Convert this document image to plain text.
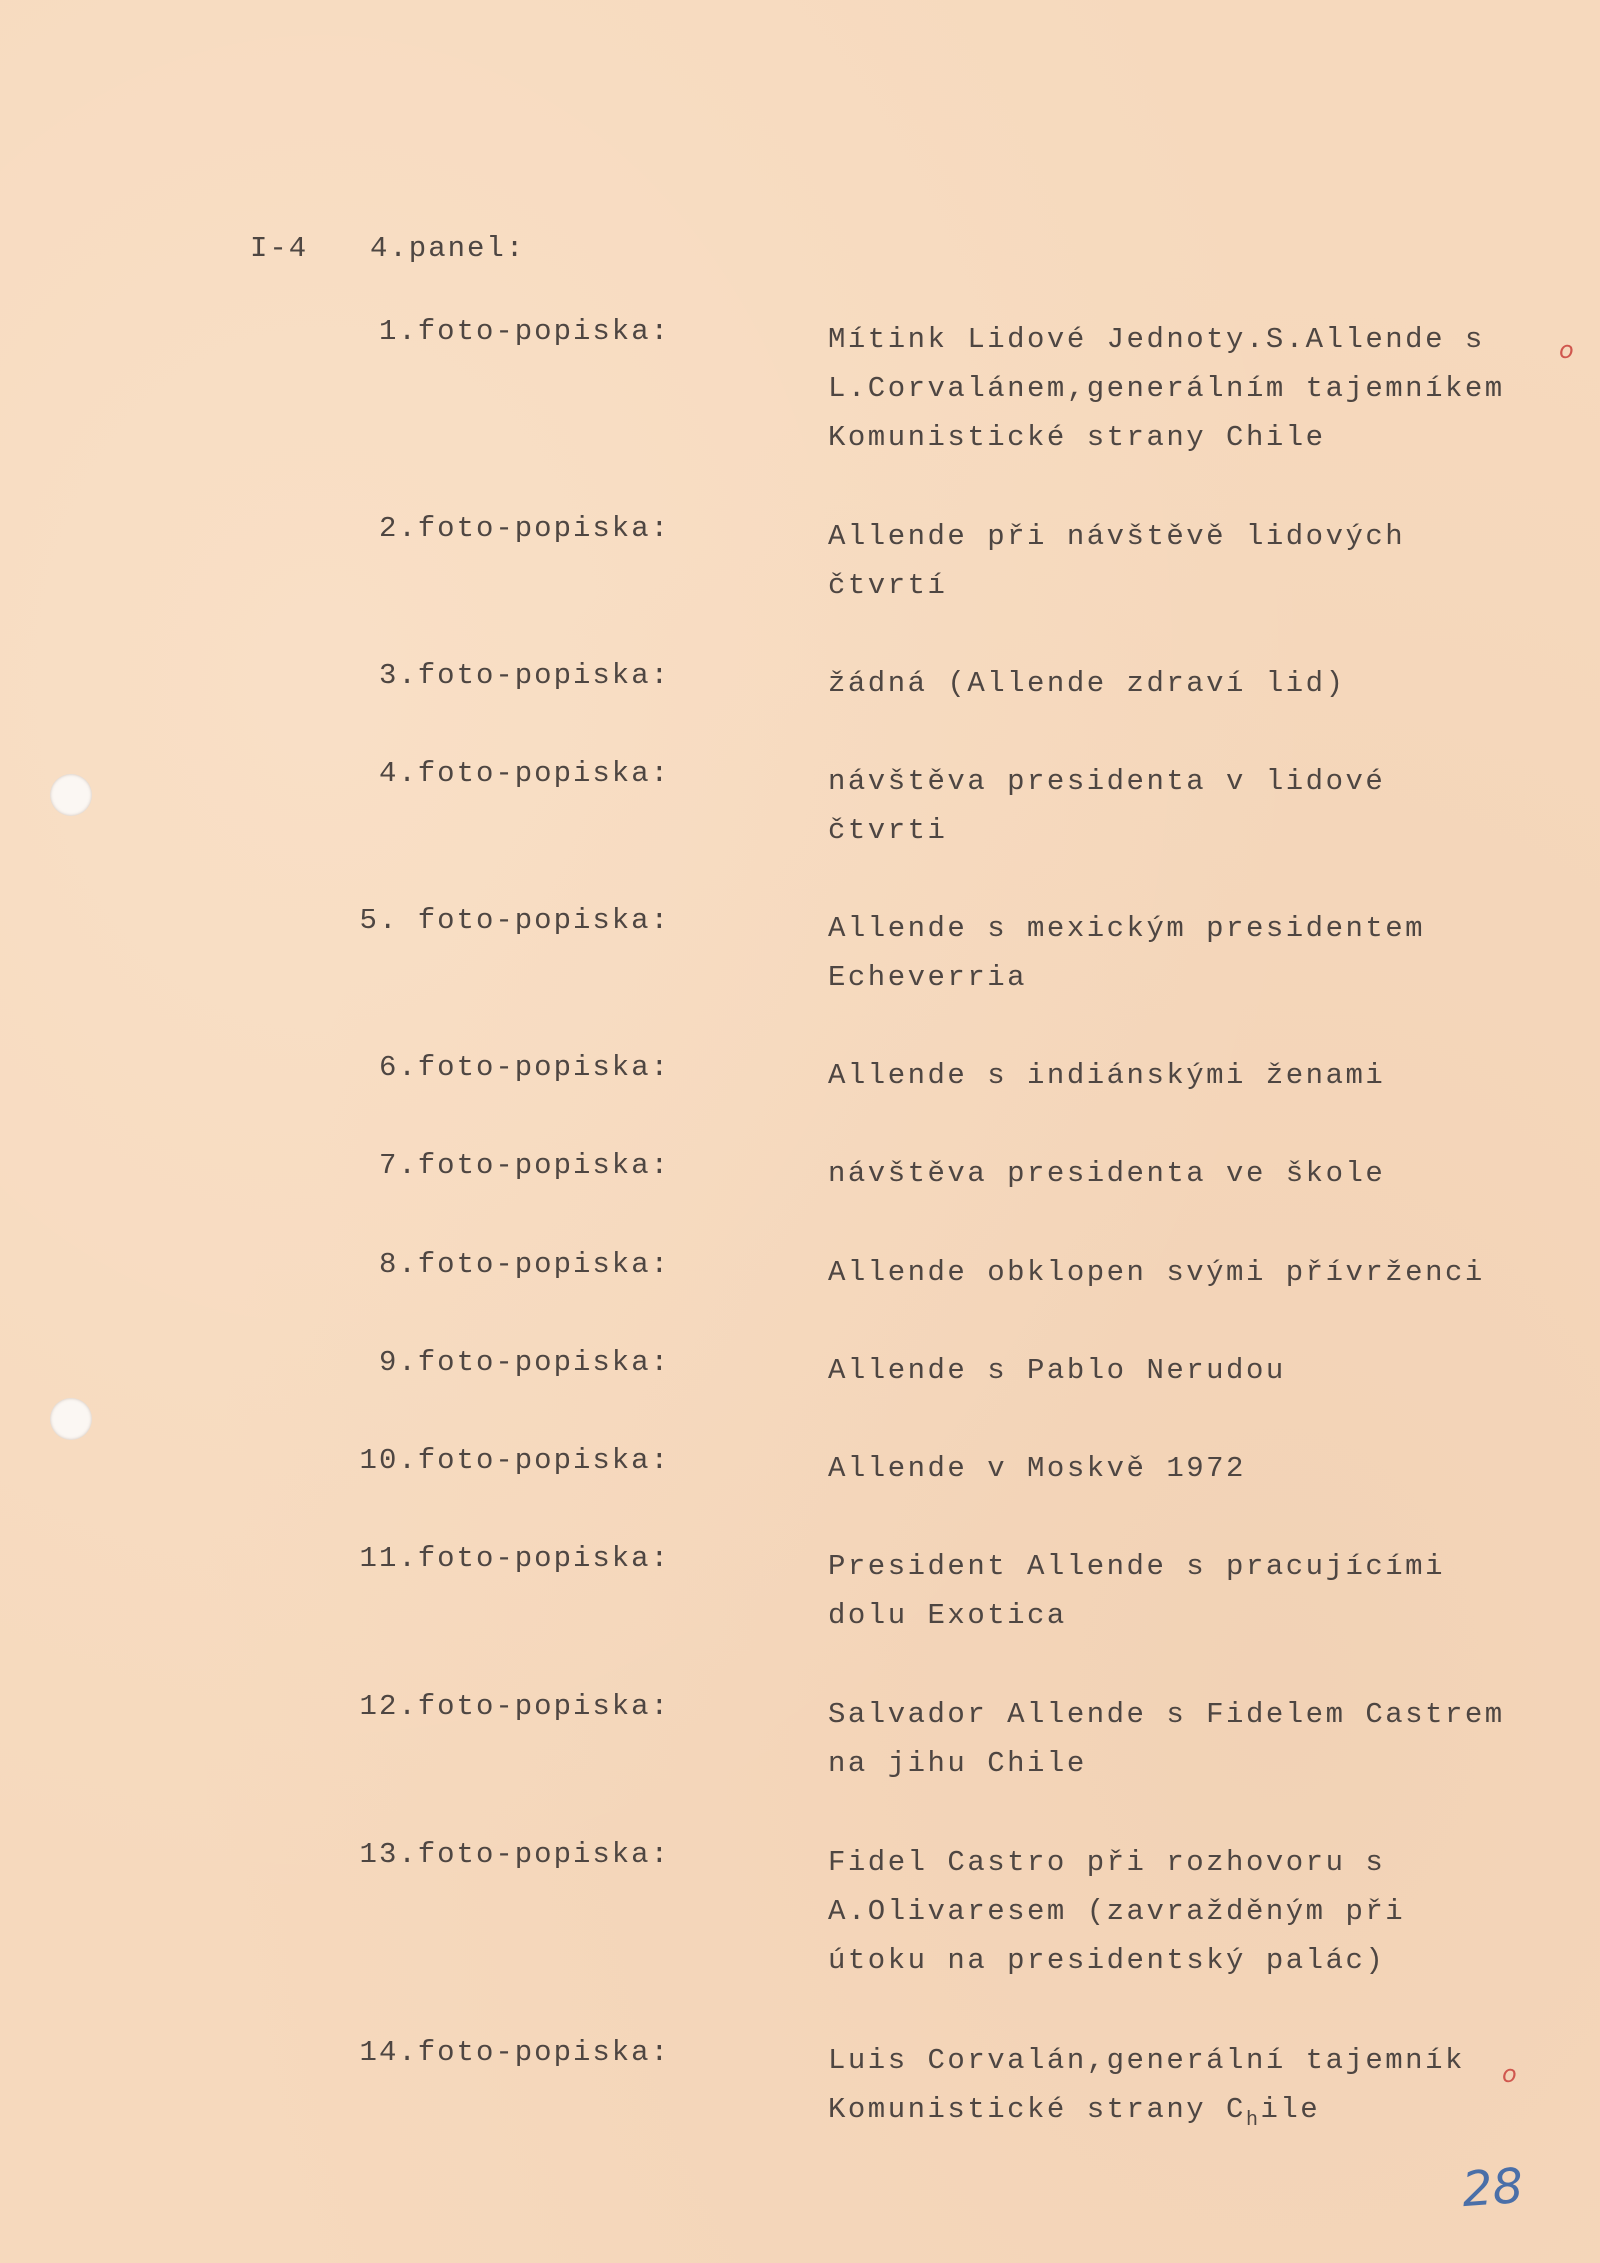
I-4 4.panel:
1.foto-popiska:	Mítink Lidové Jednoty.S.Allende s
L.Corvalánem,generálním tajemníkem
Komunistické strany Chile
2.foto-popiska:	Allende při návštěvě lidových
čtvrtí
3.foto-popiska:	žádná (Allende zdraví lid)
4.foto-popiska:	návštěva presidenta v lidové
čtvrti
5. foto-popiska:	Allende s mexickým presidentem
Echeverria
6.foto-popiska:	Allende s indiánskými ženami
7.foto-popiska:	návštěva presidenta ve škole
8.foto-popiska:	Allende obklopen svými přívrženci
9.foto-popiska:	Allende s Pablo Nerudou
10.foto-popiska:	Allende v Moskvě 1972
11.foto-popiska:	President Allende s pracujícími
dolu Exotica
12.foto-popiska:	Salvador Allende s Fidelem Castrem
na jihu Chile
13.foto-popiska:	Fidel Castro při rozhovoru s
A.Olivaresem (zavražděným při
útoku na presidentský palác)
14.foto-popiska:	Luis Corvalán,generální tajemník
Komunistické strany $C_hile$
o
o
28
